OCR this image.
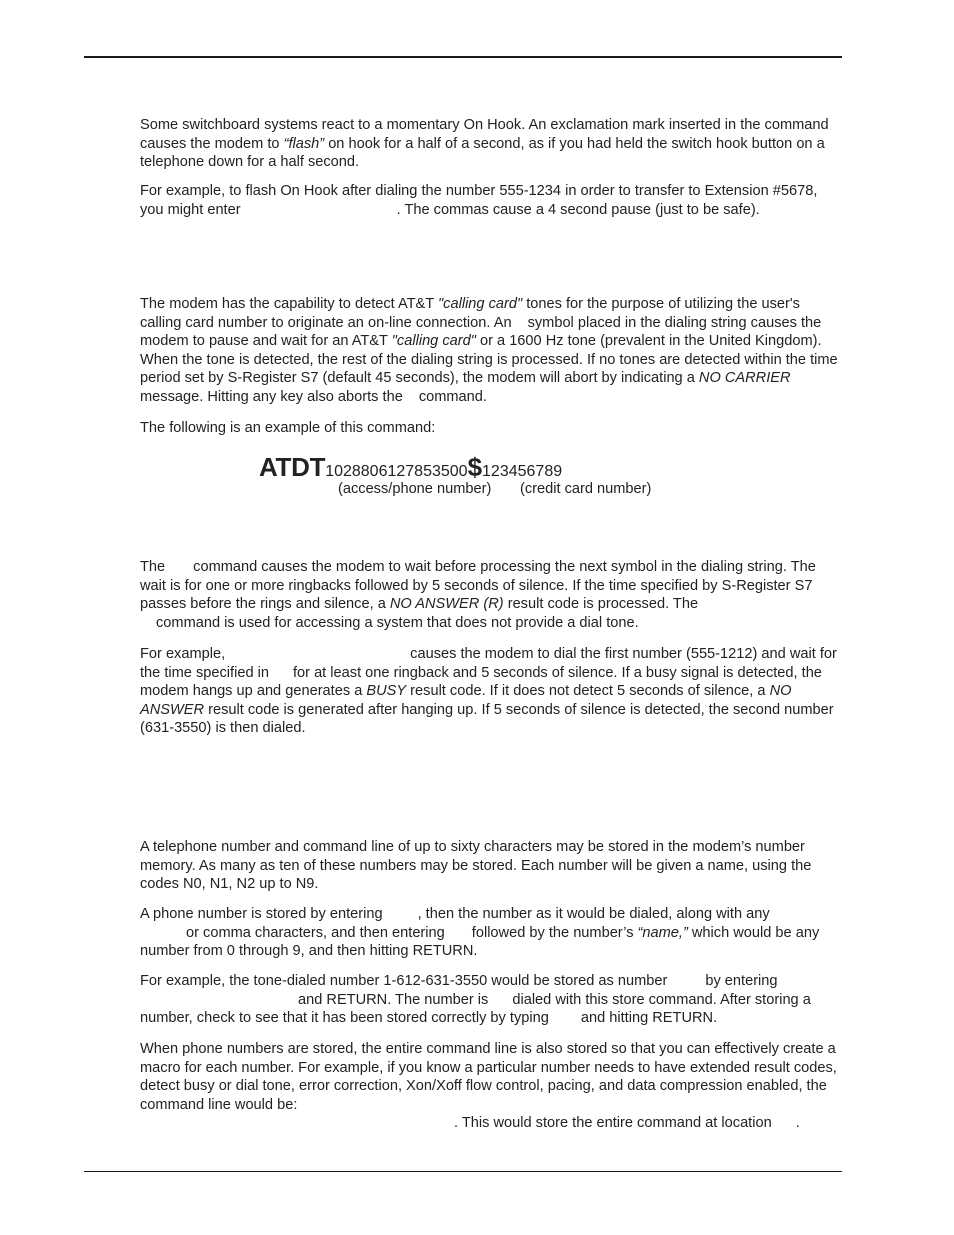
Some switchboard systems react to a momentary On Hook. An exclamation mark inserted in the command causes the modem to “flash” on hook for a half of a second, as if you had held the switch hook button on a telephone down for a half second.

For example, to flash On Hook after dialing the number 555-1234 in order to transfer to Extension #5678, you might enter	. The commas cause a 4 second pause (just to be safe).

The modem has the capability to detect AT&T "calling card" tones for the purpose of utilizing the user's calling card number to originate an on-line connection. An symbol placed in the dialing string causes the modem to pause and wait for an AT&T "calling card" or a 1600 Hz tone (prevalent in the United Kingdom). When the tone is detected, the rest of the dialing string is processed. If no tones are detected within the time period set by S-Register S7 (default 45 seconds), the modem will abort by indicating a NO CARRIER message. Hitting any key also aborts the command.

The following is an example of this command:

ATDT1028806127853500$123456789
(access/phone number) (credit card number)

The command causes the modem to wait before processing the next symbol in the dialing string. The wait is for one or more ringbacks followed by 5 seconds of silence. If the time specified by S-Register S7 passes before the rings and silence, a NO ANSWER (R) result code is processed. The
command is used for accessing a system that does not provide a dial tone.

For example,	causes the modem to dial the first number (555-1212) and wait for the time specified in for at least one ringback and 5 seconds of silence. If a busy signal is detected, the modem hangs up and generates a BUSY result code. If it does not detect 5 seconds of silence, a NO ANSWER result code is generated after hanging up. If 5 seconds of silence is detected, the second number (631-3550) is then dialed.

A telephone number and command line of up to sixty characters may be stored in the modem’s number memory. As many as ten of these numbers may be stored. Each number will be given a name, using the codes N0, N1, N2 up to N9.

A phone number is stored by entering , then the number as it would be dialed, along with any
or comma characters, and then entering followed by the number’s “name,” which would be any number from 0 through 9, and then hitting RETURN.

For example, the tone-dialed number 1-612-631-3550 would be stored as number	by entering
and RETURN. The number is dialed with this store command. After storing a number, check to see that it has been stored correctly by typing and hitting RETURN.

When phone numbers are stored, the entire command line is also stored so that you can effectively create a macro for each number. For example, if you know a particular number needs to have extended result codes, detect busy or dial tone, error correction, Xon/Xoff flow control, pacing, and data compression enabled, the command line would be:
. This would store the entire command at location .
